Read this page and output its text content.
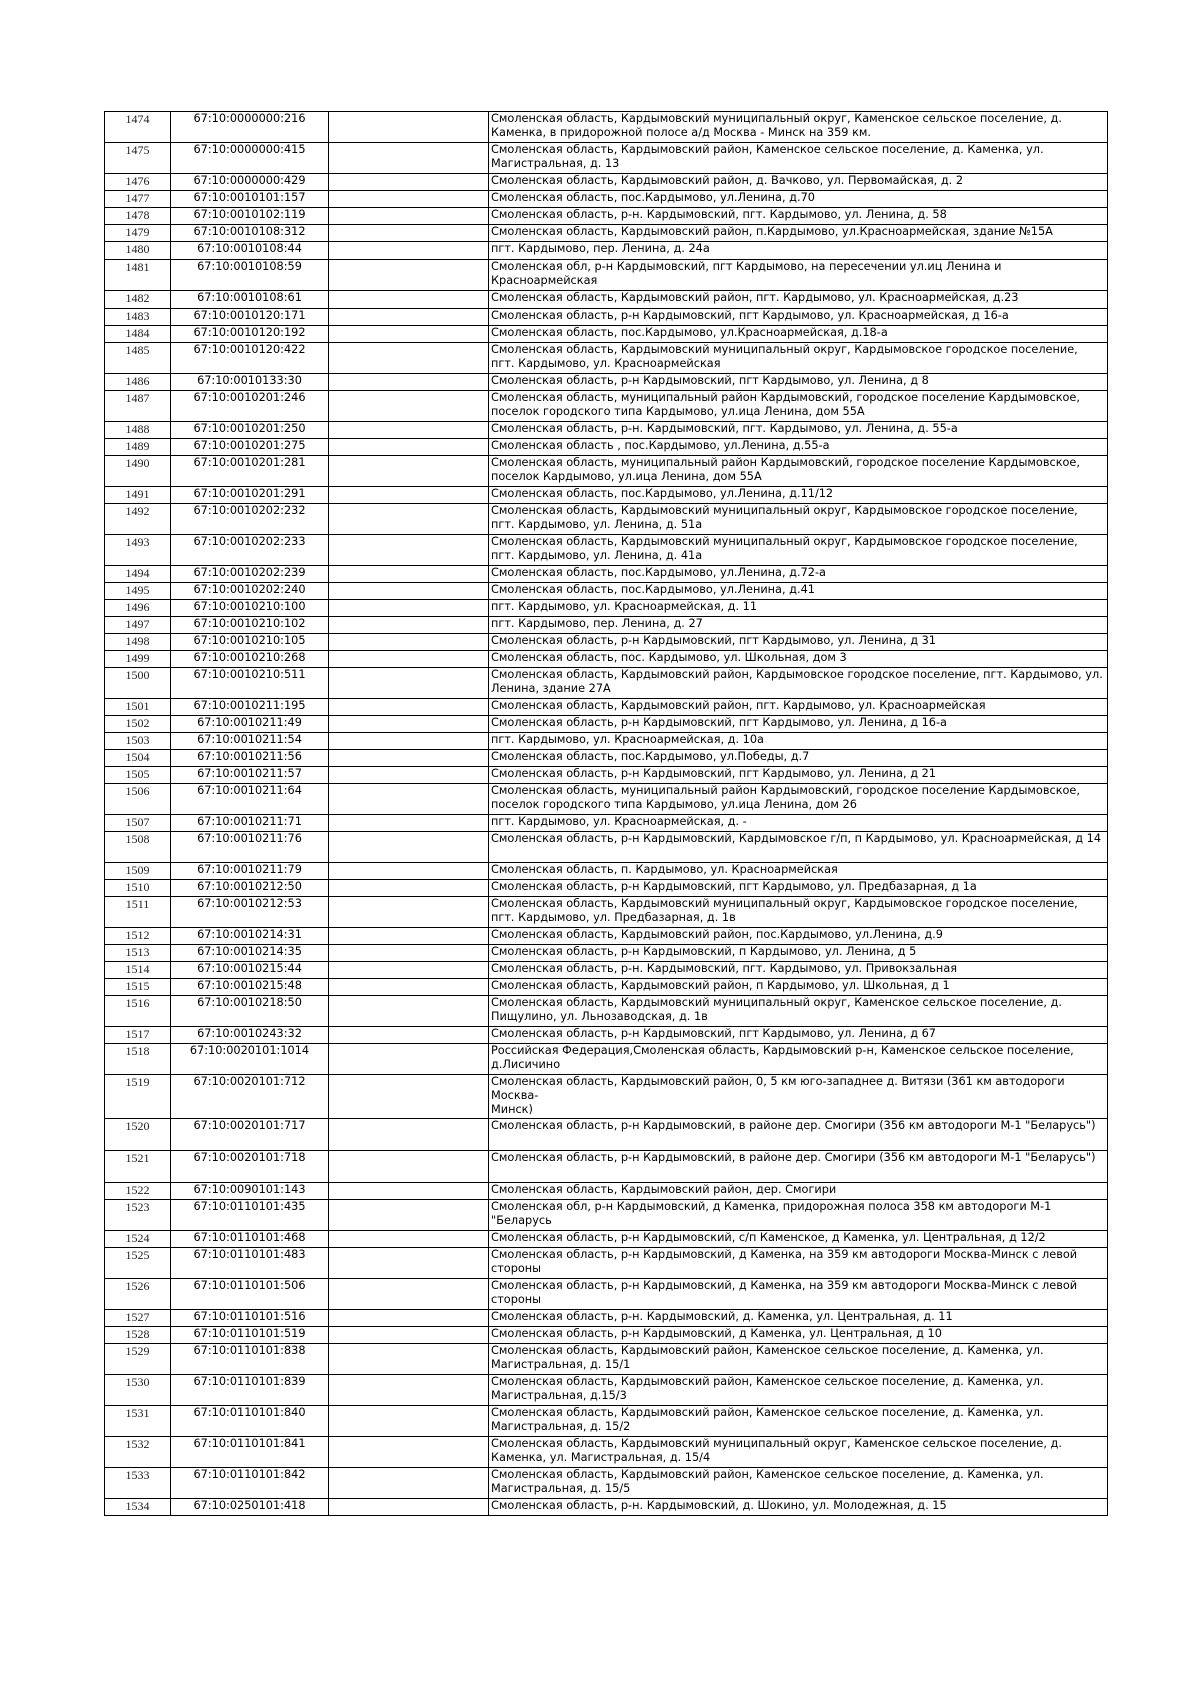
1474	67:10:0000000:216		Смоленская область, Кардымовский муниципальный округ, Каменское сельское поселение, д. Каменка, в придорожной полосе а/д Москва - Минск на 359 км.
1475	67:10:0000000:415		Смоленская область, Кардымовский район, Каменское сельское поселение, д. Каменка, ул. Магистральная, д. 13
1476	67:10:0000000:429		Смоленская область, Кардымовский район, д. Вачково, ул. Первомайская, д. 2
1477	67:10:0010101:157		Смоленская область, пос.Кардымово, ул.Ленина, д.70
1478	67:10:0010102:119		Смоленская область, р-н. Кардымовский, пгт. Кардымово, ул. Ленина, д. 58
1479	67:10:0010108:312		Смоленская область, Кардымовский район, п.Кардымово, ул.Красноармейская, здание №15А
1480	67:10:0010108:44		пгт. Кардымово, пер. Ленина, д. 24а
1481	67:10:0010108:59		Смоленская обл, р-н Кардымовский, пгт Кардымово, на пересечении ул.иц Ленина и Красноармейская
1482	67:10:0010108:61		Смоленская область, Кардымовский район, пгт. Кардымово, ул. Красноармейская, д.23
1483	67:10:0010120:171		Смоленская область, р-н Кардымовский, пгт Кардымово, ул. Красноармейская, д 16-а
1484	67:10:0010120:192		Смоленская область, пос.Кардымово, ул.Красноармейская, д.18-а
1485	67:10:0010120:422		Смоленская область, Кардымовский муниципальный округ, Кардымовское городское поселение, пгт. Кардымово, ул. Красноармейская
1486	67:10:0010133:30		Смоленская область, р-н Кардымовский, пгт Кардымово, ул. Ленина, д 8
1487	67:10:0010201:246		Смоленская область, муниципальный район Кардымовский, городское поселение Кардымовское, поселок городского типа Кардымово, ул.ица Ленина, дом 55А
1488	67:10:0010201:250		Смоленская область, р-н. Кардымовский, пгт. Кардымово, ул. Ленина, д. 55-а
1489	67:10:0010201:275		Смоленская область , пос.Кардымово, ул.Ленина, д.55-а
1490	67:10:0010201:281		Смоленская область, муниципальный район Кардымовский, городское поселение Кардымовское, поселок Кардымово, ул.ица Ленина, дом 55А
1491	67:10:0010201:291		Смоленская область, пос.Кардымово, ул.Ленина, д.11/12
1492	67:10:0010202:232		Смоленская область, Кардымовский муниципальный округ, Кардымовское городское поселение, пгт. Кардымово, ул. Ленина, д. 51а
1493	67:10:0010202:233		Смоленская область, Кардымовский муниципальный округ, Кардымовское городское поселение, пгт. Кардымово, ул. Ленина, д. 41а
1494	67:10:0010202:239		Смоленская область, пос.Кардымово, ул.Ленина, д.72-а
1495	67:10:0010202:240		Смоленская область, пос.Кардымово, ул.Ленина, д.41
1496	67:10:0010210:100		пгт. Кардымово, ул. Красноармейская, д. 11
1497	67:10:0010210:102		пгт. Кардымово, пер. Ленина, д. 27
1498	67:10:0010210:105		Смоленская область, р-н Кардымовский, пгт Кардымово, ул. Ленина, д 31
1499	67:10:0010210:268		Смоленская область, пос. Кардымово, ул. Школьная, дом 3
1500	67:10:0010210:511		Смоленская область, Кардымовский район, Кардымовское городское поселение, пгт. Кардымово, ул. Ленина, здание 27А
1501	67:10:0010211:195		Смоленская область, Кардымовский район, пгт. Кардымово, ул. Красноармейская
1502	67:10:0010211:49		Смоленская область, р-н Кардымовский, пгт Кардымово, ул. Ленина, д 16-а
1503	67:10:0010211:54		пгт. Кардымово, ул. Красноармейская, д. 10а
1504	67:10:0010211:56		Смоленская область, пос.Кардымово, ул.Победы, д.7
1505	67:10:0010211:57		Смоленская область, р-н Кардымовский, пгт Кардымово, ул. Ленина, д 21
1506	67:10:0010211:64		Смоленская область, муниципальный район Кардымовский, городское поселение Кардымовское, поселок городского типа Кардымово, ул.ица Ленина, дом 26
1507	67:10:0010211:71		пгт. Кардымово, ул. Красноармейская, д. -
1508	67:10:0010211:76		Смоленская область, р-н Кардымовский, Кардымовское г/п, п Кардымово, ул. Красноармейская, д 14
1509	67:10:0010211:79		Смоленская область, п. Кардымово, ул. Красноармейская
1510	67:10:0010212:50		Смоленская область, р-н Кардымовский, пгт Кардымово, ул. Предбазарная, д 1а
1511	67:10:0010212:53		Смоленская область, Кардымовский муниципальный округ, Кардымовское городское поселение, пгт. Кардымово, ул. Предбазарная, д. 1в
1512	67:10:0010214:31		Смоленская область, Кардымовский район, пос.Кардымово, ул.Ленина, д.9
1513	67:10:0010214:35		Смоленская область, р-н Кардымовский, п Кардымово, ул. Ленина, д 5
1514	67:10:0010215:44		Смоленская область, р-н. Кардымовский, пгт. Кардымово, ул. Привокзальная
1515	67:10:0010215:48		Смоленская область, Кардымовский район, п Кардымово, ул. Школьная, д 1
1516	67:10:0010218:50		Смоленская область, Кардымовский муниципальный округ, Каменское сельское поселение, д. Пищулино, ул. Льнозаводская, д. 1в
1517	67:10:0010243:32		Смоленская область, р-н Кардымовский, пгт Кардымово, ул. Ленина, д 67
1518	67:10:0020101:1014		Российская Федерация,Смоленская область, Кардымовский р-н, Каменское сельское поселение, д.Лисичино
1519	67:10:0020101:712		Смоленская область, Кардымовский район, 0, 5 км юго-западнее д. Витязи (361 км автодороги Москва-
Минск)
1520	67:10:0020101:717		Смоленская область, р-н Кардымовский, в районе дер. Смогири (356 км автодороги М-1 "Беларусь")
1521	67:10:0020101:718		Смоленская область, р-н Кардымовский, в районе дер. Смогири (356 км автодороги М-1 "Беларусь")
1522	67:10:0090101:143		Смоленская область, Кардымовский район, дер. Смогири
1523	67:10:0110101:435		Смоленская обл, р-н Кардымовский, д Каменка, придорожная полоса 358 км автодороги М-1 "Беларусь
1524	67:10:0110101:468		Смоленская область, р-н Кардымовский, с/п Каменское, д Каменка, ул. Центральная, д 12/2
1525	67:10:0110101:483		Смоленская область, р-н Кардымовский, д Каменка, на 359 км автодороги Москва-Минск с левой стороны
1526	67:10:0110101:506		Смоленская область, р-н Кардымовский, д Каменка, на 359 км автодороги Москва-Минск с левой стороны
1527	67:10:0110101:516		Смоленская область, р-н. Кардымовский, д. Каменка, ул. Центральная, д. 11
1528	67:10:0110101:519		Смоленская область, р-н Кардымовский, д Каменка, ул. Центральная, д 10
1529	67:10:0110101:838		Смоленская область, Кардымовский район, Каменское сельское поселение, д. Каменка, ул. Магистральная, д. 15/1
1530	67:10:0110101:839		Смоленская область, Кардымовский район, Каменское сельское поселение, д. Каменка, ул. Магистральная, д.15/3
1531	67:10:0110101:840		Смоленская область, Кардымовский район, Каменское сельское поселение, д. Каменка, ул. Магистральная, д. 15/2
1532	67:10:0110101:841		Смоленская область, Кардымовский муниципальный округ, Каменское сельское поселение, д. Каменка, ул. Магистральная, д. 15/4
1533	67:10:0110101:842		Смоленская область, Кардымовский район, Каменское сельское поселение, д. Каменка, ул. Магистральная, д. 15/5
1534	67:10:0250101:418		Смоленская область, р-н. Кардымовский, д. Шокино, ул. Молодежная, д. 15
